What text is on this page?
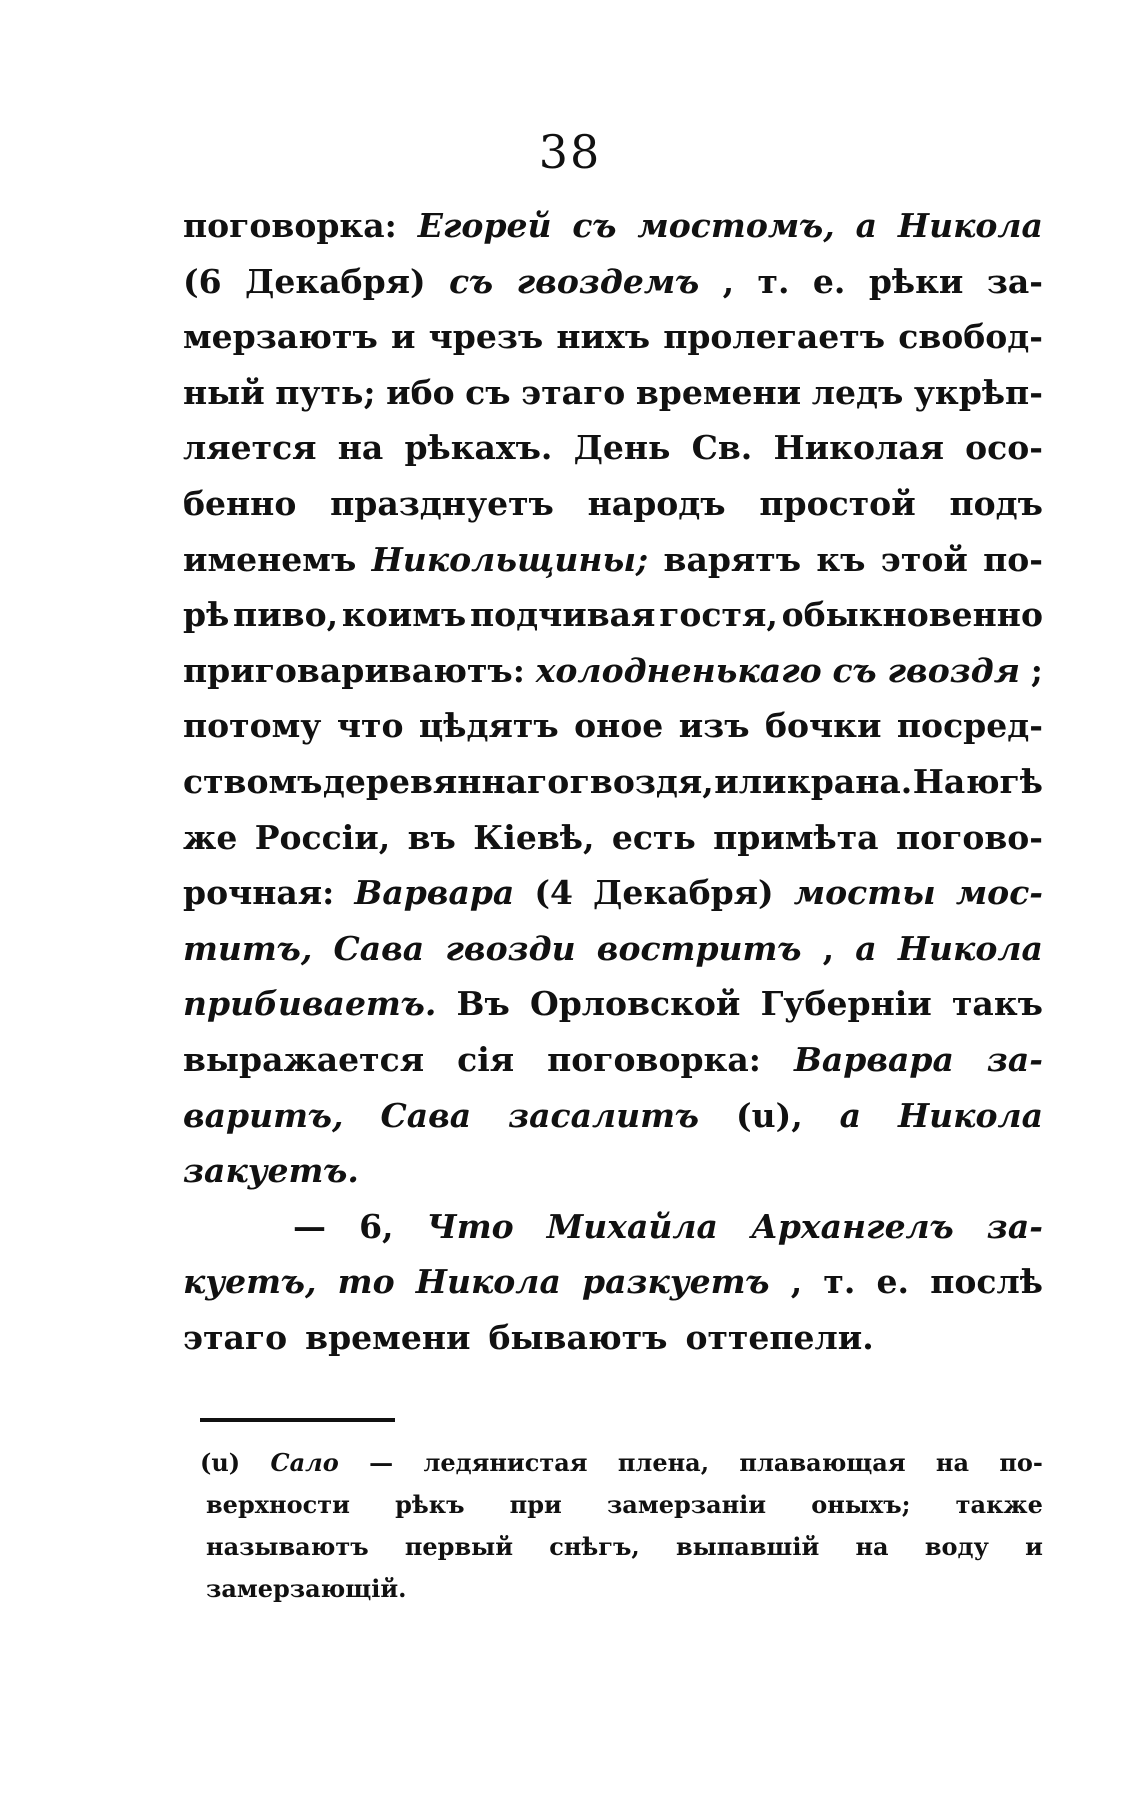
38
поговорка: Егорей съ мостомъ, а Никола
(6 Декабря) съ гвоздемъ , т. е. рѣки за-
мерзаютъ и чрезъ нихъ пролегаетъ свобод-
ный путь; ибо съ этаго времени ледъ укрѣп-
ляется на рѣкахъ. День Св. Николая осо-
бенно празднуетъ народъ простой подъ
именемъ Никольщины; варятъ къ этой по-
рѣ пиво, коимъ подчивая гостя, обыкновенно
приговариваютъ: холодненькаго съ гвоздя ;
потому что цѣдятъ оное изъ бочки посред-
ствомъ деревяннаго гвоздя, или крана. На югѣ
же Россіи, въ Кіевѣ, есть примѣта погово-
рочная: Варвара (4 Декабря) мосты мос-
титъ, Сава гвозди востритъ , а Никола
прибиваетъ. Въ Орловской Губерніи такъ
выражается сія поговорка: Варвара за-
варитъ, Сава засалитъ (u), а Никола
закуетъ.
— 6, Что Михайла Архангелъ за-
куетъ, то Никола разкуетъ , т. е. послѣ
этаго времени бываютъ оттепели.
(u) Сало — ледянистая плена, плавающая на по-
верхности рѣкъ при замерзаніи оныхъ; также
называютъ первый снѣгъ, выпавшій на воду и
замерзающій.
